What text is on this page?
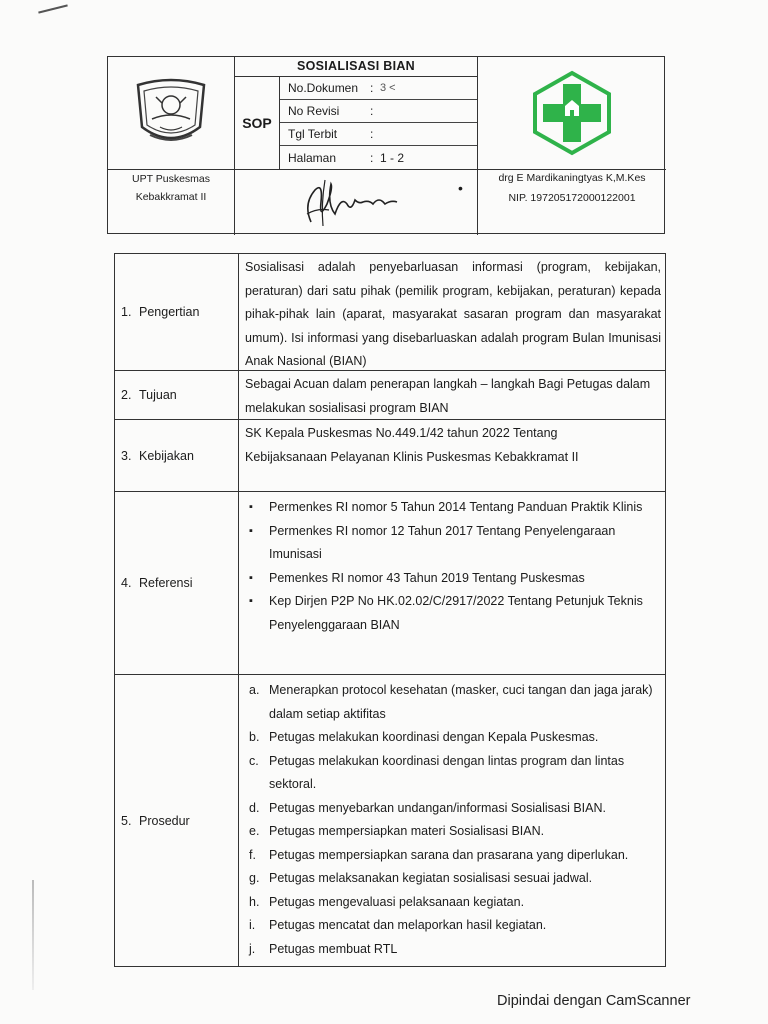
SOSIALISASI BIAN
SOP
No.Dokumen : 3 <
No Revisi	:
Tgl Terbit	:
Halaman	: 1 - 2
UPT Puskesmas
Kebakkramat II
•
drg E Mardikaningtyas K,M.Kes
NIP. 197205172000122001
1. Pengertian
Sosialisasi adalah penyebarluasan informasi (program, kebijakan, peraturan) dari satu pihak (pemilik program, kebijakan, peraturan) kepada pihak-pihak lain (aparat, masyarakat sasaran program dan masyarakat umum). Isi informasi yang disebarluaskan adalah program Bulan Imunisasi Anak Nasional (BIAN)
2. Tujuan
Sebagai Acuan dalam penerapan langkah – langkah Bagi Petugas dalam melakukan sosialisasi program BIAN
3. Kebijakan
SK Kepala Puskesmas No.449.1/42 tahun 2022 Tentang
Kebijaksanaan Pelayanan Klinis Puskesmas Kebakkramat II
4. Referensi
▪ Permenkes RI nomor 5 Tahun 2014 Tentang Panduan Praktik Klinis
▪ Permenkes RI nomor 12 Tahun 2017 Tentang Penyelengaraan Imunisasi
▪ Pemenkes RI nomor 43 Tahun 2019 Tentang Puskesmas
▪ Kep Dirjen P2P No HK.02.02/C/2917/2022 Tentang Petunjuk Teknis Penyelenggaraan BIAN
5. Prosedur
a. Menerapkan protocol kesehatan (masker, cuci tangan dan jaga jarak) dalam setiap aktifitas
b. Petugas melakukan koordinasi dengan Kepala Puskesmas.
c. Petugas melakukan koordinasi dengan lintas program dan lintas sektoral.
d. Petugas menyebarkan undangan/informasi Sosialisasi BIAN.
e. Petugas mempersiapkan materi Sosialisasi BIAN.
f. Petugas mempersiapkan sarana dan prasarana yang diperlukan.
g. Petugas melaksanakan kegiatan sosialisasi sesuai jadwal.
h. Petugas mengevaluasi pelaksanaan kegiatan.
i. Petugas mencatat dan melaporkan hasil kegiatan.
j. Petugas membuat RTL
Dipindai dengan CamScanner
